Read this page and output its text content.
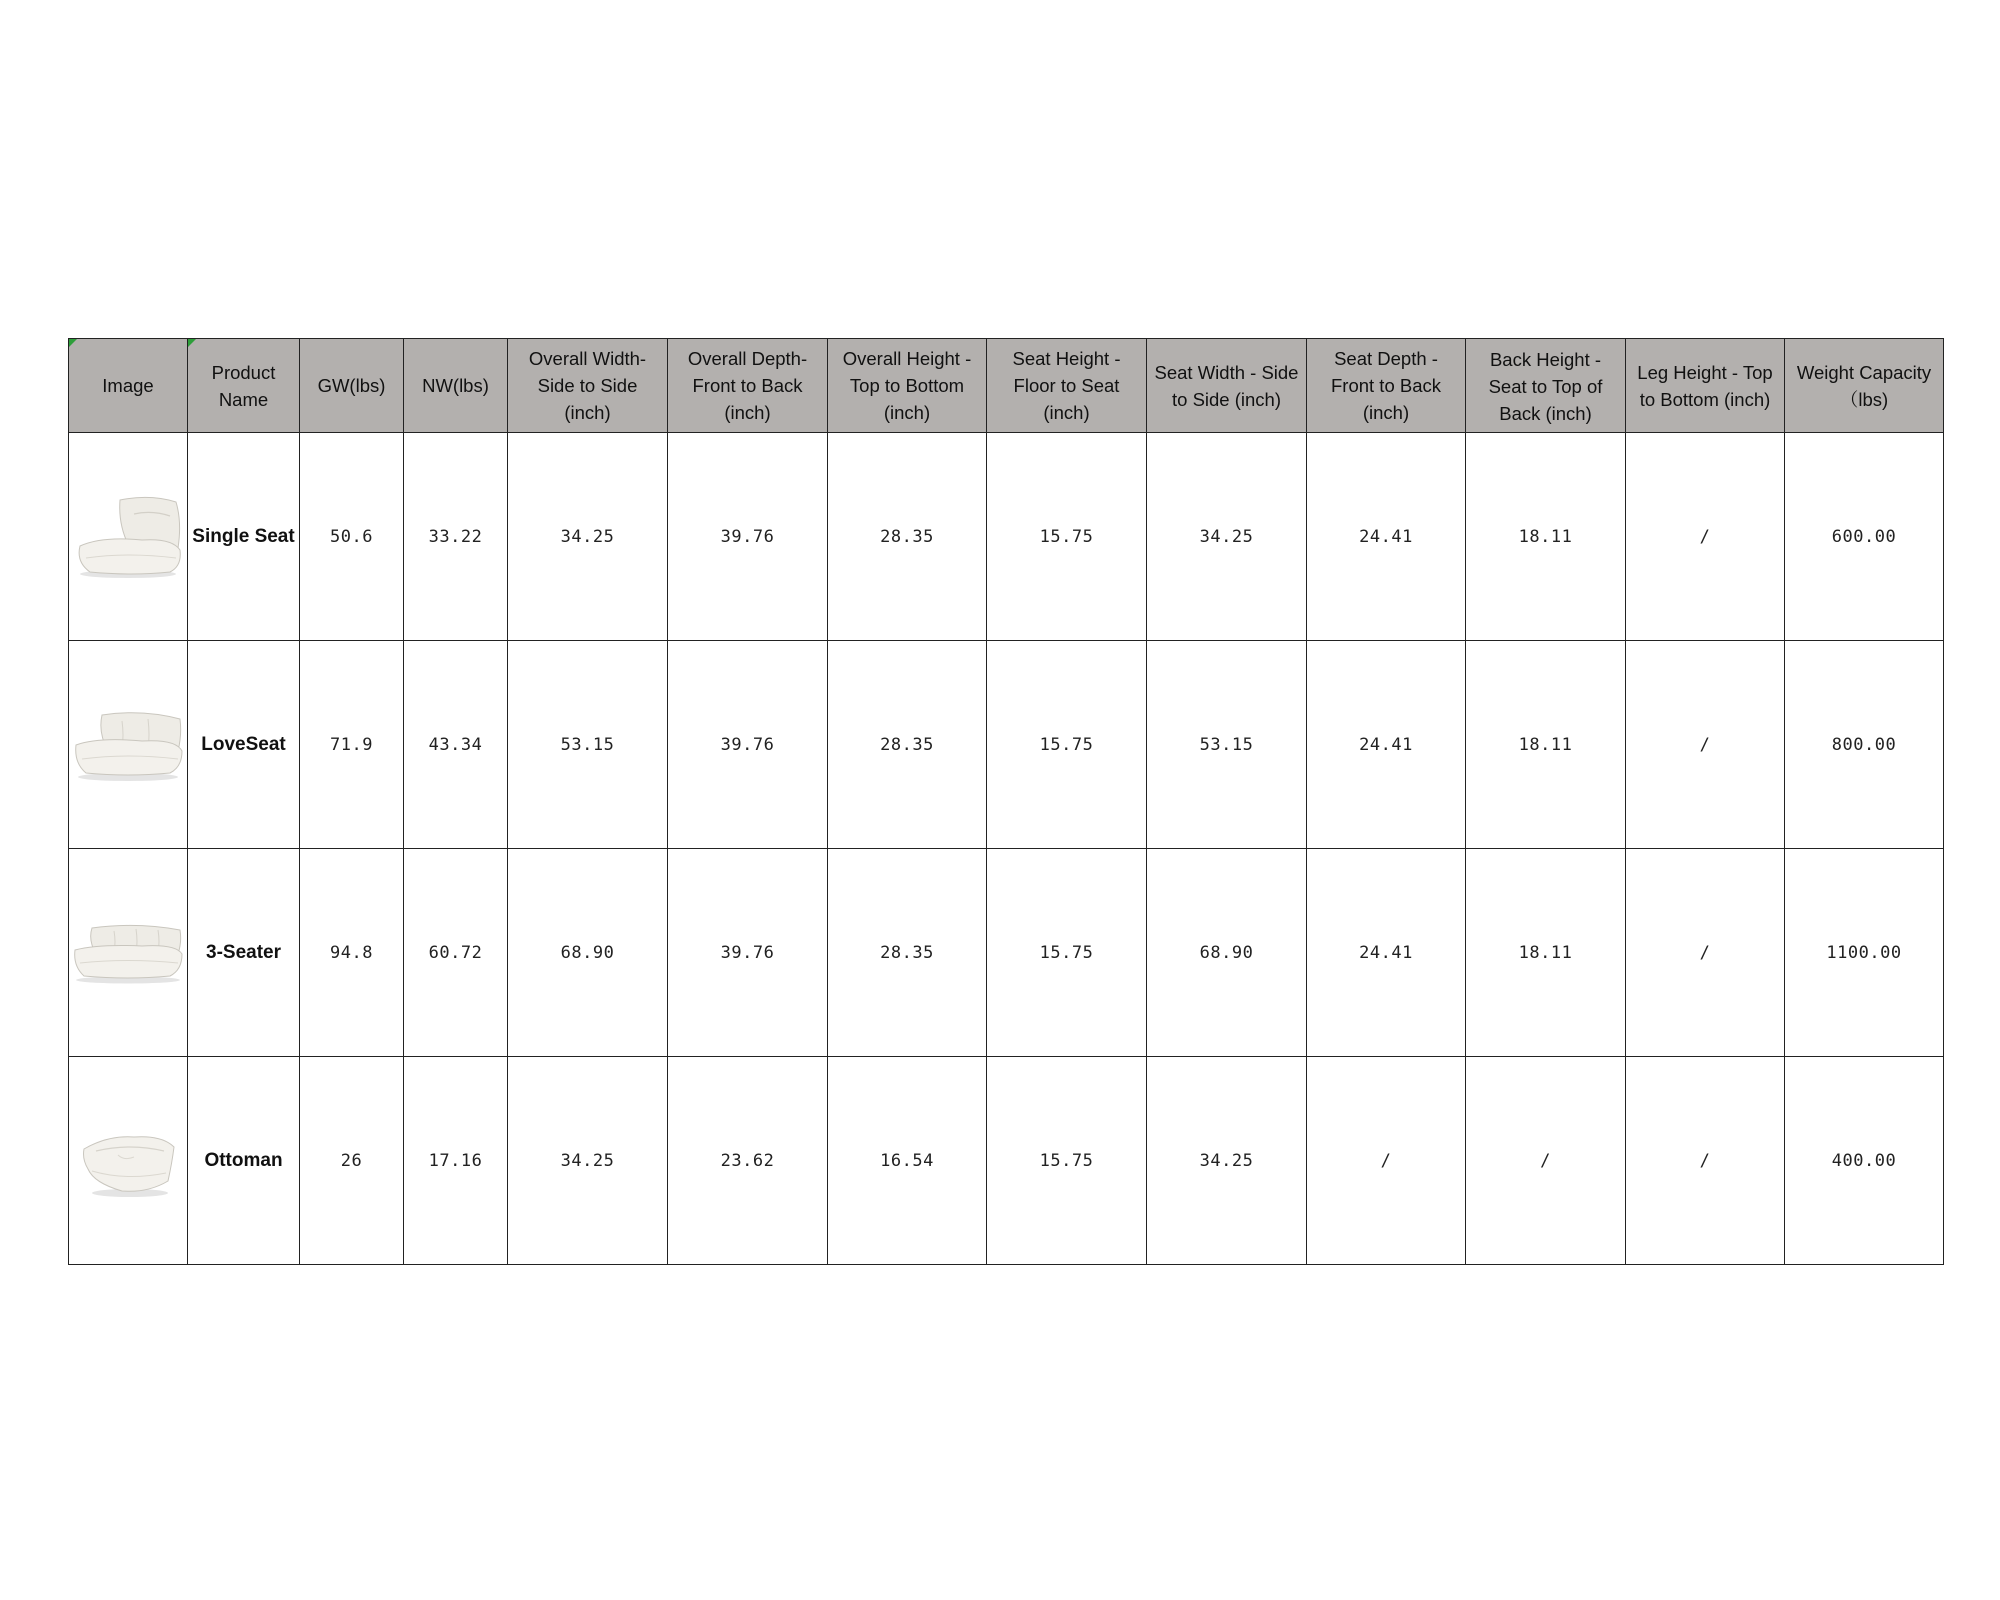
Image	Product Name	GW(lbs)	NW(lbs)	Overall Width-Side to Side (inch)	Overall Depth-Front to Back (inch)	Overall Height - Top to Bottom (inch)	Seat Height - Floor to Seat (inch)	Seat Width - Side to Side (inch)	Seat Depth - Front to Back (inch)	Back Height - Seat to Top of Back (inch)	Leg Height - Top to Bottom (inch)	Weight Capacity（lbs)

	Single Seat	50.6	33.22	34.25	39.76	28.35	15.75	34.25	24.41	18.11	/	600.00

	LoveSeat	71.9	43.34	53.15	39.76	28.35	15.75	53.15	24.41	18.11	/	800.00

	3-Seater	94.8	60.72	68.90	39.76	28.35	15.75	68.90	24.41	18.11	/	1100.00

	Ottoman	26	17.16	34.25	23.62	16.54	15.75	34.25	/	/	/	400.00
